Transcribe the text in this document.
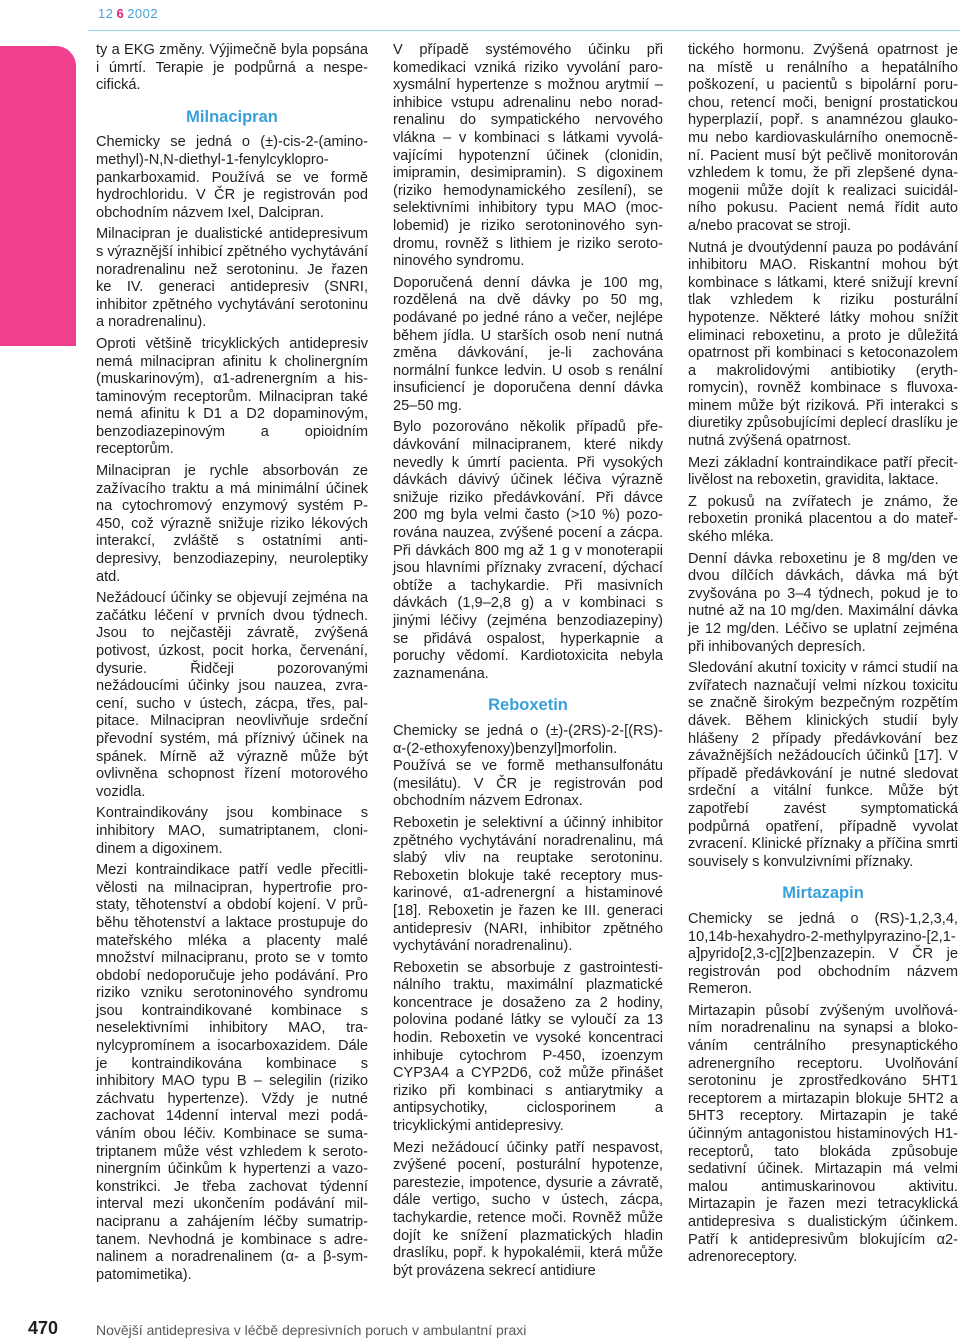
12 6 2002

ty a EKG změny. Výjimečně byla popsána i úmrtí. Terapie je podpůrná a nespecifická.

Milnacipran

Chemicky se jedná o (±)-cis-2-(aminomethyl)-N,N-diethyl-1-fenylcyklopropankarboxamid. Používá se ve formě hydrochloridu. V ČR je registrován pod obchodním názvem Ixel, Dalcipran.

Milnacipran je dualistické antidepresivum s výraznější inhibicí zpětného vychytávání noradrenalinu než serotoninu. Je řazen ke IV. generaci antidepresiv (SNRI, inhibitor zpětného vychytávání serotoninu a noradrenalinu).

Oproti většině tricyklických antidepresiv nemá milnacipran afinitu k cholinergním (muskarinovým), α1-adrenergním a histaminovým receptorům. Milnacipran také nemá afinitu k D1 a D2 dopaminovým, benzodiazepinovým a opioidním receptorům.

Milnacipran je rychle absorbován ze zažívacího traktu a má minimální účinek na cytochromový enzymový systém P-450, což výrazně snižuje riziko lékových interakcí, zvláště s ostatními antidepresivy, benzodiazepiny, neuroleptiky atd.

Nežádoucí účinky se objevují zejména na začátku léčení v prvních dvou týdnech. Jsou to nejčastěji závratě, zvýšená potivost, úzkost, pocit horka, červenání, dysurie. Řidčeji pozorovanými nežádoucími účinky jsou nauzea, zvracení, sucho v ústech, zácpa, třes, palpitace. Milnacipran neovlivňuje srdeční převodní systém, má příznivý účinek na spánek. Mírně až výrazně může být ovlivněna schopnost řízení motorového vozidla.

Kontraindikovány jsou kombinace s inhibitory MAO, sumatriptanem, clonidinem a digoxinem.

Mezi kontraindikace patří vedle přecitlivělosti na milnacipran, hypertrofie prostaty, těhotenství a období kojení. V průběhu těhotenství a laktace prostupuje do mateřského mléka a placenty malé množství milnacipranu, proto se v tomto období nedoporučuje jeho podávání. Pro riziko vzniku serotoninového syndromu jsou kontraindikované kombinace s neselektivními inhibitory MAO, tranylcypromínem a isocarboxazidem. Dále je kontraindikována kombinace s inhibitory MAO typu B – selegilin (riziko záchvatu hypertenze). Vždy je nutné zachovat 14denní interval mezi podáváním obou léčiv. Kombinace se sumatriptanem může vést vzhledem k serotoninergním účinkům k hypertenzi a vazokonstrikci. Je třeba zachovat týdenní interval mezi ukončením podávání milnacipranu a zahájením léčby sumatriptanem. Nevhodná je kombinace s adrenalinem a noradrenalinem (α- a β-sympatomimetika).

V případě systémového účinku při komedikaci vzniká riziko vyvolání paroxysmální hypertenze s možnou arytmií – inhibice vstupu adrenalinu nebo noradrenalinu do sympatického nervového vlákna – v kombinaci s látkami vyvolávajícími hypotenzní účinek (clonidin, imipramin, desimipramin). S digoxinem (riziko hemodynamického zesílení), se selektivními inhibitory typu MAO (moclobemid) je riziko serotoninového syndromu, rovněž s lithiem je riziko serotoninového syndromu.

Doporučená denní dávka je 100 mg, rozdělená na dvě dávky po 50 mg, podávané po jedné ráno a večer, nejlépe během jídla. U starších osob není nutná změna dávkování, je-li zachována normální funkce ledvin. U osob s renální insuficiencí je doporučena denní dávka 25–50 mg.

Bylo pozorováno několik případů předávkování milnacipranem, které nikdy nevedly k úmrtí pacienta. Při vysokých dávkách dávivý účinek léčiva výrazně snižuje riziko předávkování. Při dávce 200 mg byla velmi často (>10 %) pozorována nauzea, zvýšené pocení a zácpa. Při dávkách 800 mg až 1 g v monoterapii jsou hlavními příznaky zvracení, dýchací obtíže a tachykardie. Při masivních dávkách (1,9–2,8 g) a v kombinaci s jinými léčivy (zejména benzodiazepiny) se přidává ospalost, hyperkapnie a poruchy vědomí. Kardiotoxicita nebyla zaznamenána.

Reboxetin

Chemicky se jedná o (±)-(2RS)-2-[(RS)-α-(2-ethoxyfenoxy)benzyl]morfolin. Používá se ve formě methansulfonátu (mesilátu). V ČR je registrován pod obchodním názvem Edronax.

Reboxetin je selektivní a účinný inhibitor zpětného vychytávání noradrenalinu, má slabý vliv na reuptake serotoninu. Reboxetin blokuje také receptory muskarinové, α1-adrenergní a histaminové [18]. Reboxetin je řazen ke III. generaci antidepresiv (NARI, inhibitor zpětného vychytávání noradrenalinu).

Reboxetin se absorbuje z gastrointestinálního traktu, maximální plazmatické koncentrace je dosaženo za 2 hodiny, polovina podané látky se vyloučí za 13 hodin. Reboxetin ve vysoké koncentraci inhibuje cytochrom P-450, izoenzym CYP3A4 a CYP2D6, což může přinášet riziko při kombinaci s antiarytmiky a antipsychotiky, ciclosporinem a tricyklickými antidepresivy.

Mezi nežádoucí účinky patří nespavost, zvýšené pocení, posturální hypotenze, parestezie, impotence, dysurie a závratě, dále vertigo, sucho v ústech, zácpa, tachykardie, retence moči. Rovněž může dojít ke snížení plazmatických hladin draslíku, popř. k hypokalémii, která může být provázena sekrecí antidiure

tického hormonu. Zvýšená opatrnost je na místě u renálního a hepatálního poškození, u pacientů s bipolární poruchou, retencí moči, benigní prostatickou hyperplazií, popř. s anamnézou glaukomu nebo kardiovaskulárního onemocnění. Pacient musí být pečlivě monitorován vzhledem k tomu, že při zlepšené dynamogenii může dojít k realizaci suicidálního pokusu. Pacient nemá řídit auto a/nebo pracovat se stroji.

Nutná je dvoutýdenní pauza po podávání inhibitoru MAO. Riskantní mohou být kombinace s látkami, které snižují krevní tlak vzhledem k riziku posturální hypotenze. Některé látky mohou snížit eliminaci reboxetinu, a proto je důležitá opatrnost při kombinaci s ketoconazolem a makrolidovými antibiotiky (erythromycin), rovněž kombinace s fluvoxaminem může být riziková. Při interakci s diuretiky způsobujícími deplecí draslíku je nutná zvýšená opatrnost.

Mezi základní kontraindikace patří přecitlivělost na reboxetin, gravidita, laktace.

Z pokusů na zvířatech je známo, že reboxetin proniká placentou a do mateřského mléka.

Denní dávka reboxetinu je 8 mg/den ve dvou dílčích dávkách, dávka má být zvyšována po 3–4 týdnech, pokud je to nutné až na 10 mg/den. Maximální dávka je 12 mg/den. Léčivo se uplatní zejména při inhibovaných depresích.

Sledování akutní toxicity v rámci studií na zvířatech naznačují velmi nízkou toxicitu se značně širokým bezpečným rozpětím dávek. Během klinických studií byly hlášeny 2 případy předávkování bez závažnějších nežádoucích účinků [17]. V případě předávkování je nutné sledovat srdeční a vitální funkce. Může být zapotřebí zavést symptomatická podpůrná opatření, případně vyvolat zvracení. Klinické příznaky a příčina smrti souvisely s konvulzivními příznaky.

Mirtazapin

Chemicky se jedná o (RS)-1,2,3,4, 10,14b-hexahydro-2-methylpyrazino-[2,1-a]pyrido[2,3-c][2]benzazepin. V ČR je registrován pod obchodním názvem Remeron.

Mirtazapin působí zvýšeným uvolňováním noradrenalinu na synapsi a blokováním centrálního presynaptického adrenergního receptoru. Uvolňování serotoninu je zprostředkováno 5HT1 receptorem a mirtazapin blokuje 5HT2 a 5HT3 receptory. Mirtazapin je také účinným antagonistou histaminových H1-receptorů, tato blokáda způsobuje sedativní účinek. Mirtazapin má velmi malou antimuskarinovou aktivitu. Mirtazapin je řazen mezi tetracyklická antidepresiva s dualistickým účinkem. Patří k antidepresivům blokujícím α2-adrenoreceptory.

470	Novější antidepresiva v léčbě depresivních poruch v ambulantní praxi
